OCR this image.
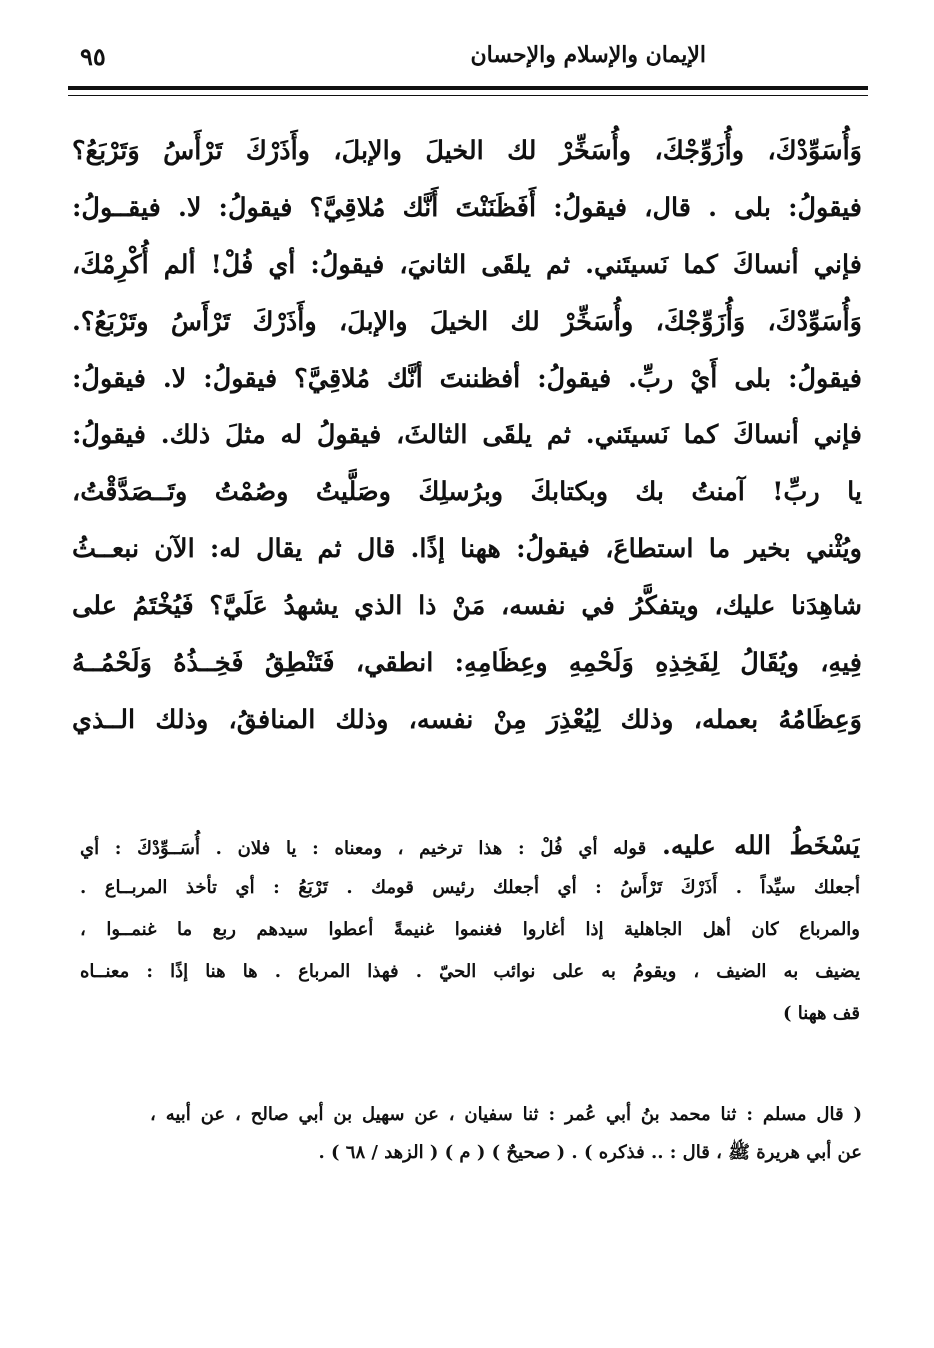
الإيمان والإسلام والإحسان
٩٥
وَأُسَوِّدْكَ، وأُزَوِّجْكَ، وأُسَخِّرْ لك الخيلَ والإبلَ، وأَذَرْكَ تَرْأَسُ وَتَرْبَعُ؟
فيقولُ: بلى . قال، فيقولُ: أَفَظَنَنْتَ أَنَّك مُلاقِيَّ؟ فيقولُ: لا. فيقــولُ:
فإني أنساكَ كما نَسيتَني. ثم يلقَى الثانيَ، فيقولُ: أي فُلْ! ألم أُكْرِمْكَ،
وَأُسَوِّدْكَ، وَأُزَوِّجْكَ، وأُسَخِّرْ لك الخيلَ والإبلَ، وأَذَرْكَ تَرْأَسُ وتَرْبَعُ؟.
فيقولُ: بلى أَيْ ربِّ. فيقولُ: أفظننتَ أنَّك مُلاقِيَّ؟ فيقولُ: لا. فيقولُ:
فإني أنساكَ كما نَسيتَني. ثم يلقَى الثالثَ، فيقولُ له مثلَ ذلك. فيقولُ:
يا ربِّ! آمنتُ بك وبكتابكَ وبرُسلِكَ وصَلَّيتُ وصُمْتُ وتَــصَدَّقْتُ،
ويُثْني بخير ما استطاعَ، فيقولُ: ههنا إذًا. قال ثم يقال له: الآن نبعــثُ
شاهِدَنا عليك، ويتفكَّرُ في نفسه، مَنْ ذا الذي يشهدُ عَلَيَّ؟ فَيُخْتَمُ على
فِيهِ، ويُقَالُ لِفَخِذِهِ وَلَحْمِهِ وعِظَامِهِ: انطقي، فَتَنْطِقُ فَخِــذُهُ وَلَحْمُــهُ
وَعِظَامُهُ بعمله، وذلك لِيُعْذِرَ مِنْ نفسه، وذلك المنافقُ، وذلك الــذي
يَسْخَطُ الله عليه. قوله أي فُلْ : هذا ترخيم ، ومعناه : يا فلان . أُسَــوِّدْكَ : أي
أجعلك سيِّداً . أَذَرْكَ تَرْأَسُ : أي أجعلك رئيس قومك . تَرْبَعُ : أي تأخذ المربــاع .
والمرباع كان أهل الجاهلية إذا أغاروا فغنموا غنيمةً أعطوا سيدهم ربع ما غنمــوا ،
يضيف به الضيف ، ويقومُ به على نوائب الحيّ . فهذا المرباع . ها هنا إذًا : معنــاه
قف ههنا )
( قال مسلم : ثنا محمد بنُ أبي عُمر : ثنا سفيان ، عن سهيل بن أبي صالح ، عن أبيه ،
عن أبي هريرة ﷺ ، قال : .. فذكره ) . ( صحيحٌ ) ( م ) ( الزهد / ٦٨ ) .
